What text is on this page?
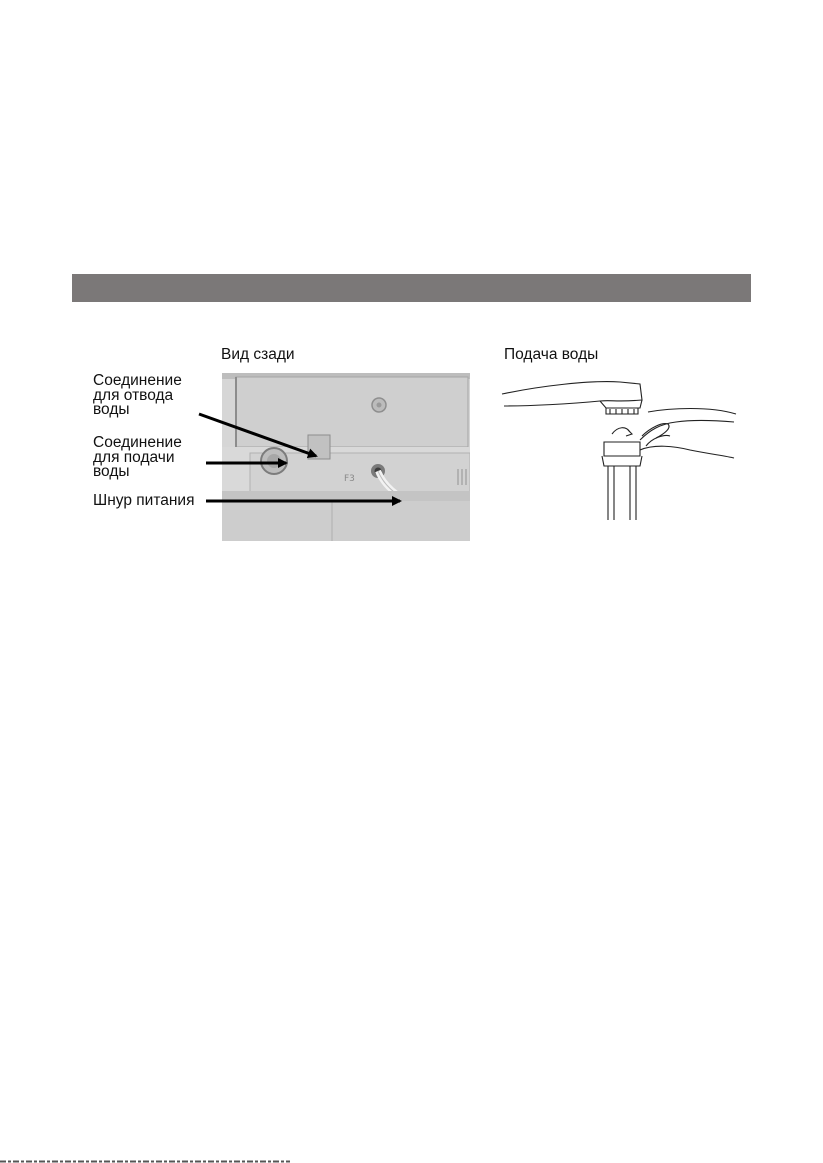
Вид сзади	Подача воды
F3
Соединение
для отвода
воды
Соединение
для подачи
воды
Шнур питания
